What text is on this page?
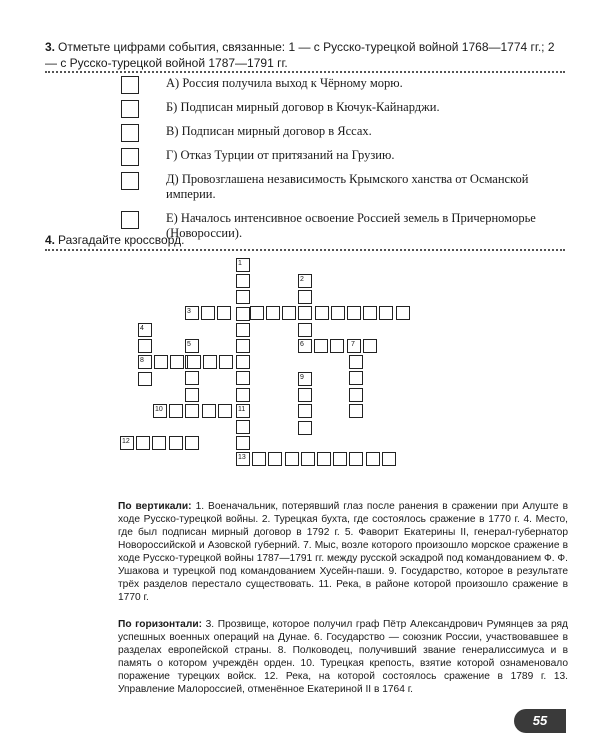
3. Отметьте цифрами события, связанные: 1 — с Русско-турецкой войной 1768—1774 гг.; 2 — с Русско-турецкой войной 1787—1791 гг.
А) Россия получила выход к Чёрному морю.
Б) Подписан мирный договор в Кючук-Кайнарджи.
В) Подписан мирный договор в Яссах.
Г) Отказ Турции от притязаний на Грузию.
Д) Провозглашена независимость Крымского ханства от Османской империи.
Е) Началось интенсивное освоение Россией земель в Причерноморье (Новороссии).
4. Разгадайте кроссворд.
1
2
3
4
5	6	7
8
9
10	11
12
13
По вертикали: 1. Военачальник, потерявший глаз после ранения в сражении при Алуште в ходе Русско-турецкой войны. 2. Турецкая бухта, где состоялось сражение в 1770 г. 4. Место, где был подписан мирный договор в 1792 г. 5. Фаворит Екатерины II, генерал-губернатор Новороссийской и Азовской губерний. 7. Мыс, возле которого произошло морское сражение в ходе Русско-турецкой войны 1787—1791 гг. между русской эскадрой под командованием Ф. Ф. Ушакова и турецкой под командованием Хусейн-паши. 9. Государство, которое в результате трёх разделов перестало существовать. 11. Река, в районе которой произошло сражение в 1770 г.
По горизонтали: 3. Прозвище, которое получил граф Пётр Александрович Румянцев за ряд успешных военных операций на Дунае. 6. Государство — союзник России, участвовавшее в разделах европейской страны. 8. Полководец, получивший звание генералиссимуса и в память о котором учреждён орден. 10. Турецкая крепость, взятие которой ознаменовало поражение турецких войск. 12. Река, на которой состоялось сражение в 1789 г. 13. Управление Малороссией, отменённое Екатериной II в 1764 г.
55
